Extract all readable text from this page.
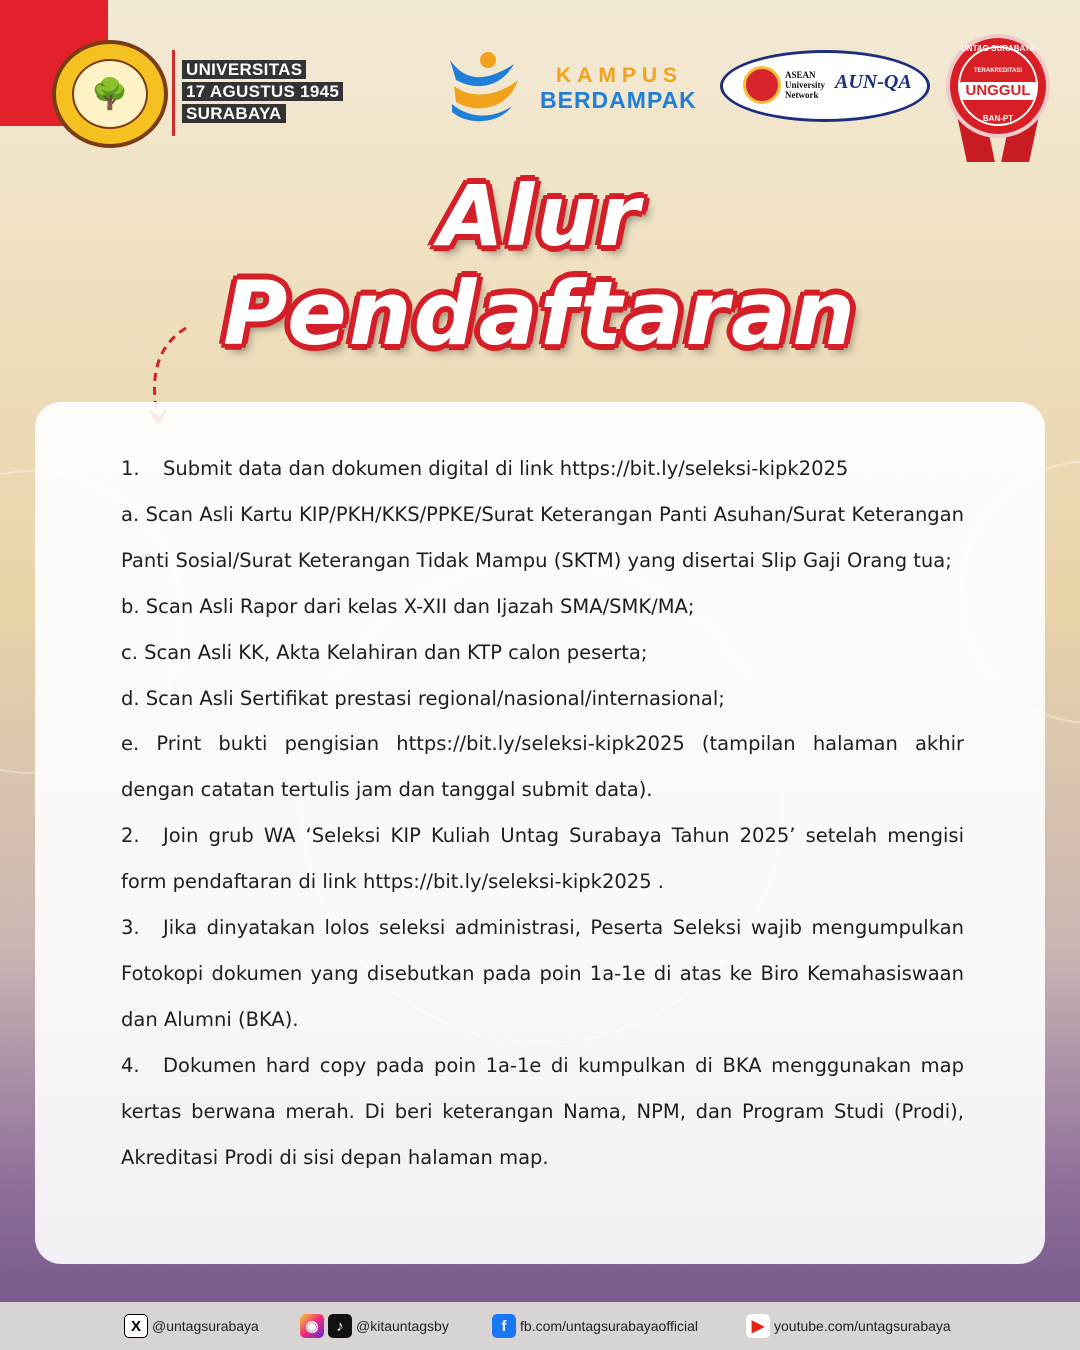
🌳
UNIVERSITAS
17 AGUSTUS 1945
SURABAYA
KAMPUS
BERDAMPAK
ASEAN
University
Network
AUN-QA
UNTAG SURABAYA
TERAKREDITASI
UNGGUL
BAN-PT
Alur
Pendaftaran

1. Submit data dan dokumen digital di link https://bit.ly/seleksi-kipk2025

a. Scan Asli Kartu KIP/PKH/KKS/PPKE/Surat Keterangan Panti Asuhan/Surat Keterangan Panti Sosial/Surat Keterangan Tidak Mampu (SKTM) yang disertai Slip Gaji Orang tua;

b. Scan Asli Rapor dari kelas X-XII dan Ijazah SMA/SMK/MA;

c. Scan Asli KK, Akta Kelahiran dan KTP calon peserta;

d. Scan Asli Sertifikat prestasi regional/nasional/internasional;

e. Print bukti pengisian https://bit.ly/seleksi-kipk2025 (tampilan halaman akhir dengan catatan tertulis jam dan tanggal submit data).

2. Join grub WA ‘Seleksi KIP Kuliah Untag Surabaya Tahun 2025’ setelah mengisi form pendaftaran di link https://bit.ly/seleksi-kipk2025 .

3. Jika dinyatakan lolos seleksi administrasi, Peserta Seleksi wajib mengumpulkan Fotokopi dokumen yang disebutkan pada poin 1a-1e di atas ke Biro Kemahasiswaan dan Alumni (BKA).

4. Dokumen hard copy pada poin 1a-1e di kumpulkan di BKA menggunakan map kertas berwana merah. Di beri keterangan Nama, NPM, dan Program Studi (Prodi), Akreditasi Prodi di sisi depan halaman map.

X @untagsurabaya	◉	♪ @kitauntagsby	f fb.com/untagsurabayaofficial	▶ youtube.com/untagsurabaya
